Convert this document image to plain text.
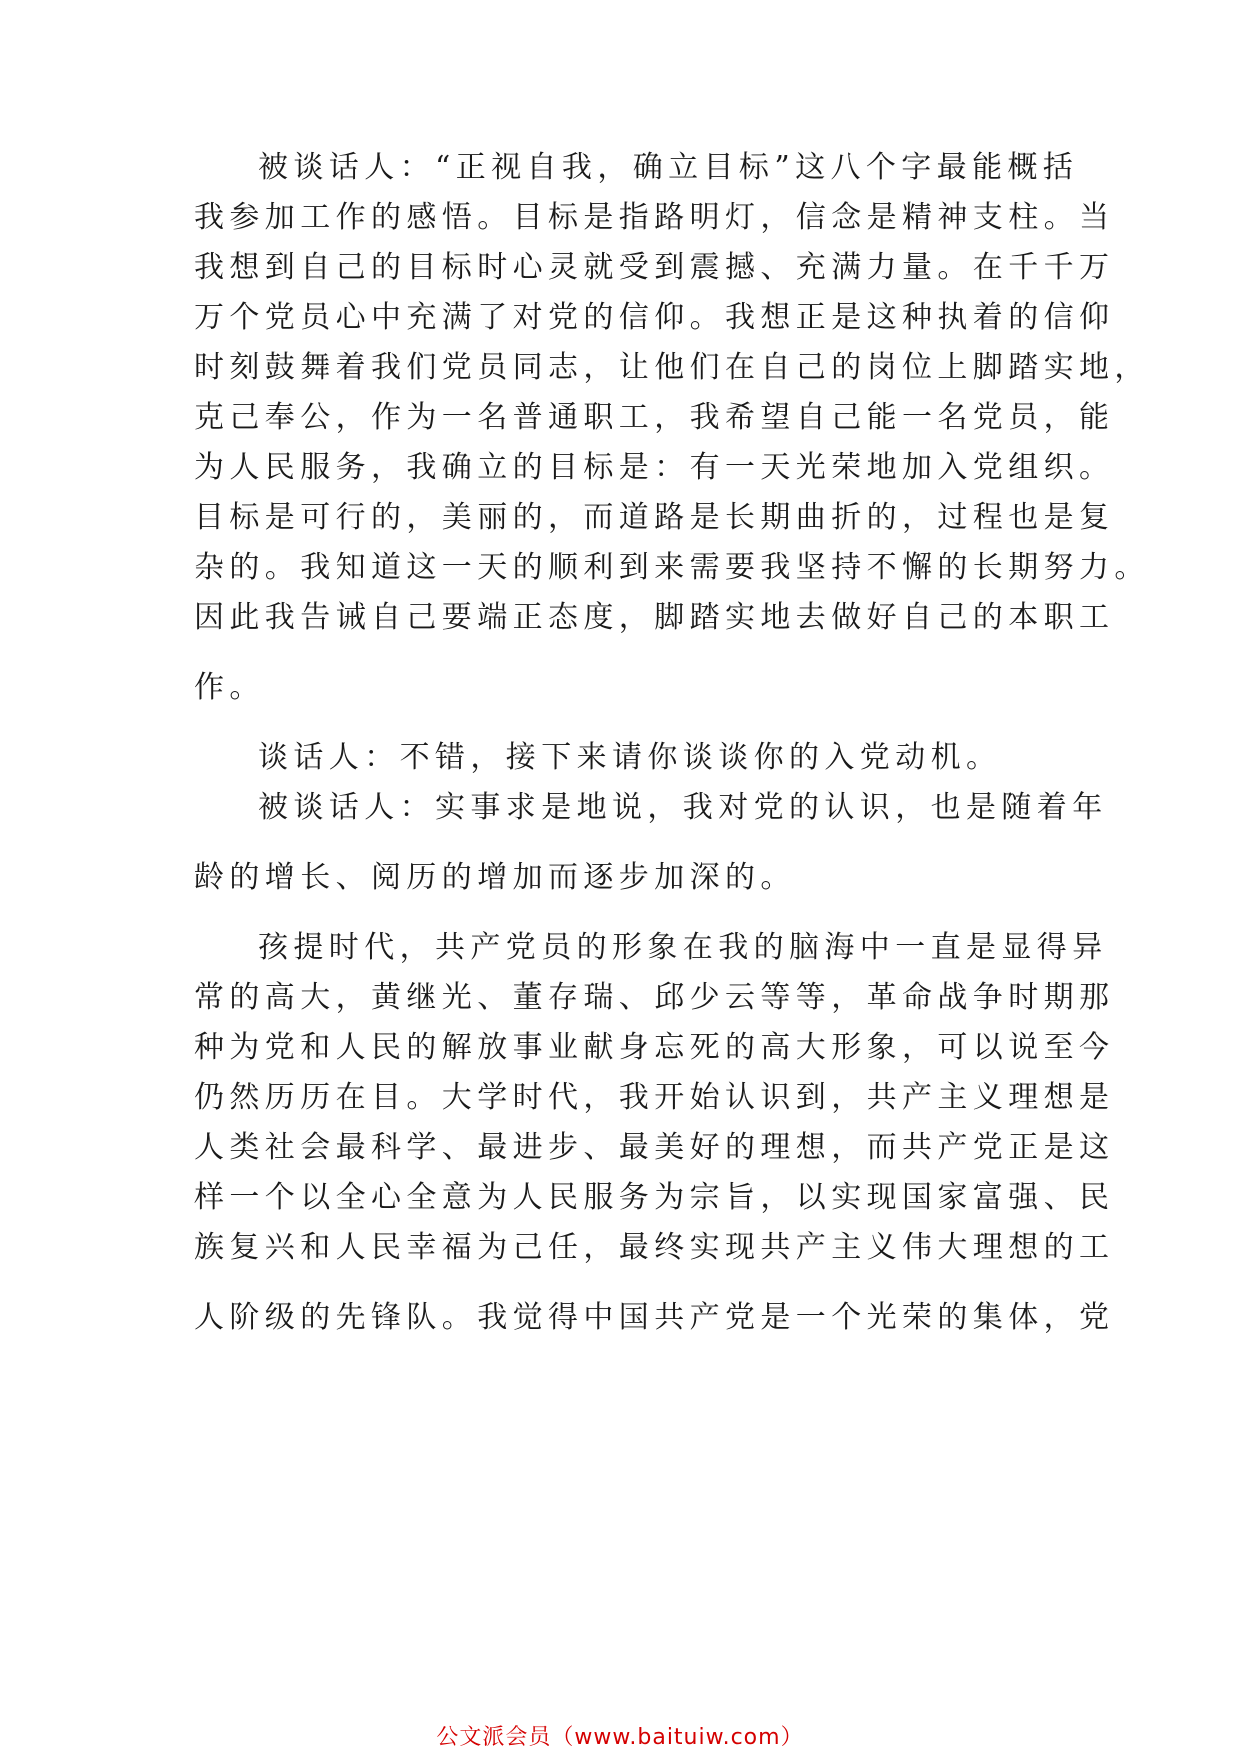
被谈话人：“正视自我，确立目标”这八个字最能概括
我参加工作的感悟。目标是指路明灯，信念是精神支柱。当
我想到自己的目标时心灵就受到震撼、充满力量。在千千万
万个党员心中充满了对党的信仰。我想正是这种执着的信仰
时刻鼓舞着我们党员同志，让他们在自己的岗位上脚踏实地，
克己奉公，作为一名普通职工，我希望自己能一名党员，能
为人民服务，我确立的目标是：有一天光荣地加入党组织。
目标是可行的，美丽的，而道路是长期曲折的，过程也是复
杂的。我知道这一天的顺利到来需要我坚持不懈的长期努力。
因此我告诫自己要端正态度，脚踏实地去做好自己的本职工
作。
谈话人：不错，接下来请你谈谈你的入党动机。
被谈话人：实事求是地说，我对党的认识，也是随着年
龄的增长、阅历的增加而逐步加深的。
孩提时代，共产党员的形象在我的脑海中一直是显得异
常的高大，黄继光、董存瑞、邱少云等等，革命战争时期那
种为党和人民的解放事业献身忘死的高大形象，可以说至今
仍然历历在目。大学时代，我开始认识到，共产主义理想是
人类社会最科学、最进步、最美好的理想，而共产党正是这
样一个以全心全意为人民服务为宗旨，以实现国家富强、民
族复兴和人民幸福为己任，最终实现共产主义伟大理想的工
人阶级的先锋队。我觉得中国共产党是一个光荣的集体，党
公文派会员（www.baituiw.com）
